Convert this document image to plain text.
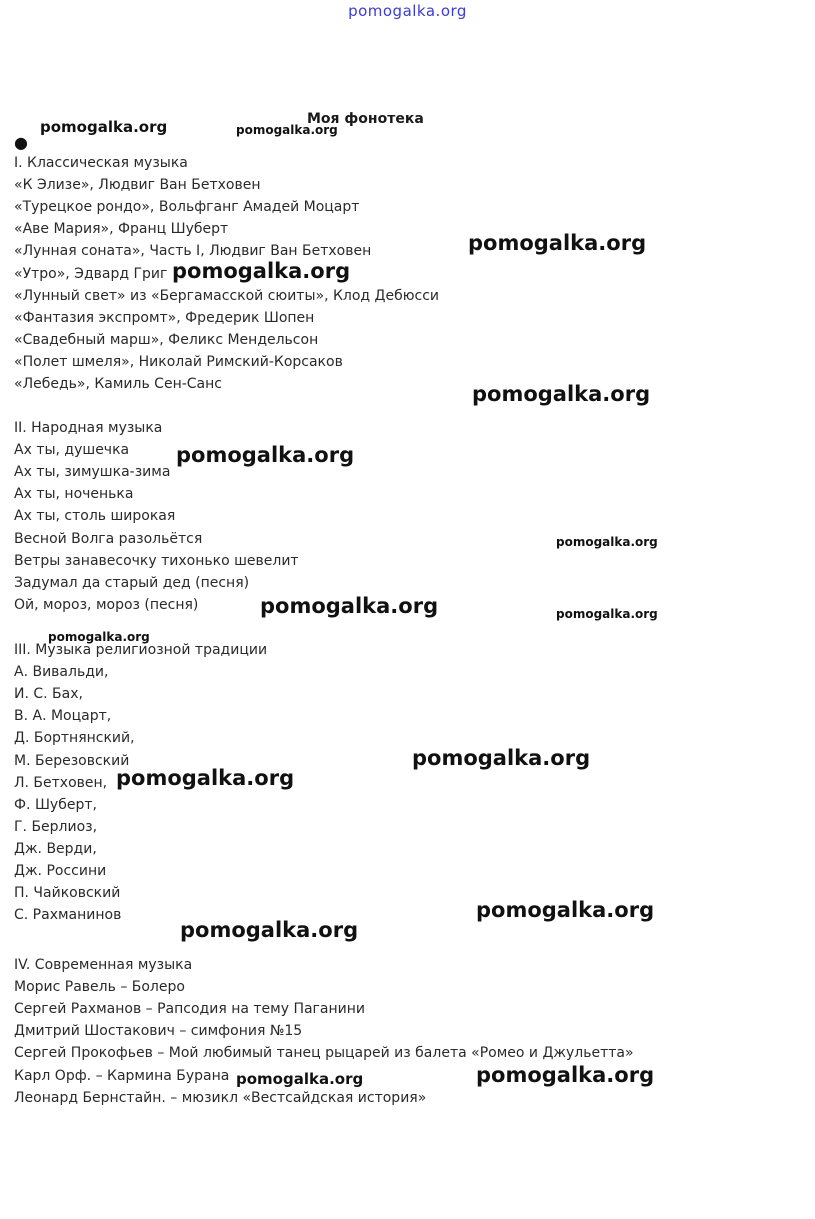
pomogalka.org
Моя фонотека
●
I. Классическая музыка
«К Элизе», Людвиг Ван Бетховен
«Турецкое рондо», Вольфганг Амадей Моцарт
«Аве Мария», Франц Шуберт
«Лунная соната», Часть I, Людвиг Ван Бетховен
«Утро», Эдвард Григ
«Лунный свет» из «Бергамасской сюиты», Клод Дебюсси
«Фантазия экспромт», Фредерик Шопен
«Свадебный марш», Феликс Мендельсон
«Полет шмеля», Николай Римский-Корсаков
«Лебедь», Камиль Сен-Санс
II. Народная музыка
Ах ты, душечка
Ах ты, зимушка-зима
Ах ты, ноченька
Ах ты, столь широкая
Весной Волга разольётся
Ветры занавесочку тихонько шевелит
Задумал да старый дед (песня)
Ой, мороз, мороз (песня)
III. Музыка религиозной традиции
А. Вивальди,
И. С. Бах,
В. А. Моцарт,
Д. Бортнянский,
М. Березовский
Л. Бетховен,
Ф. Шуберт,
Г. Берлиоз,
Дж. Верди,
Дж. Россини
П. Чайковский
С. Рахманинов
IV. Современная музыка
Морис Равель – Болеро
Сергей Рахманов – Рапсодия на тему Паганини
Дмитрий Шостакович – симфония №15
Сергей Прокофьев – Мой любимый танец рыцарей из балета «Ромео и Джульетта»
Карл Орф. – Кармина Бурана
Леонард Бернстайн. – мюзикл «Вестсайдская история»
pomogalka.org	pomogalka.org
pomogalka.org
pomogalka.org
pomogalka.org
pomogalka.org
pomogalka.org
pomogalka.org	pomogalka.org
pomogalka.org
pomogalka.org
pomogalka.org
pomogalka.org
pomogalka.org
pomogalka.org	pomogalka.org
